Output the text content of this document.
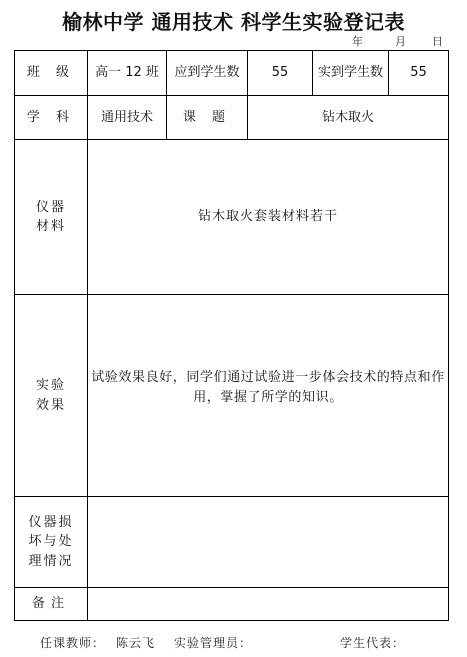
榆林中学 通用技术 科学生实验登记表
年	月 日
班 级	高一 12 班	应到学生数	55	实到学生数	55
学 科	通用技术	课 题	钻木取火		

仪器
材料	钻木取火套装材料若干				

实验
效果	试验效果良好，同学们通过试验进一步体会技术的特点和作用，掌握了所学的知识。				

仪器损
坏与处
理情况					

备注					
任课教师： 陈云飞 实验管理员：	学生代表：
